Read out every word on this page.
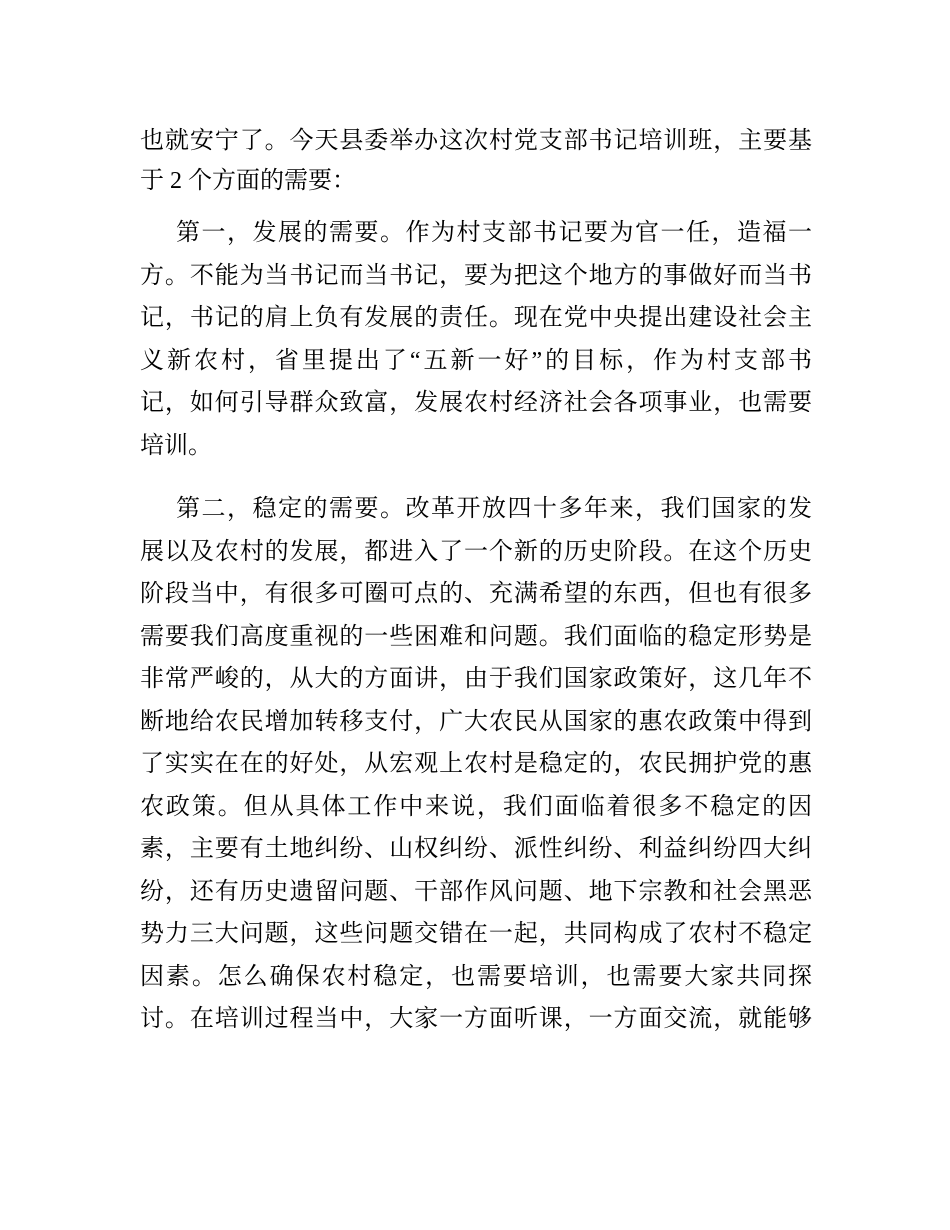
也就安宁了。今天县委举办这次村党支部书记培训班，主要基
于 2 个方面的需要：
第一，发展的需要。作为村支部书记要为官一任，造福一
方。不能为当书记而当书记，要为把这个地方的事做好而当书
记，书记的肩上负有发展的责任。现在党中央提出建设社会主
义新农村，省里提出了“五新一好”的目标，作为村支部书
记，如何引导群众致富，发展农村经济社会各项事业，也需要
培训。
第二，稳定的需要。改革开放四十多年来，我们国家的发
展以及农村的发展，都进入了一个新的历史阶段。在这个历史
阶段当中，有很多可圈可点的、充满希望的东西，但也有很多
需要我们高度重视的一些困难和问题。我们面临的稳定形势是
非常严峻的，从大的方面讲，由于我们国家政策好，这几年不
断地给农民增加转移支付，广大农民从国家的惠农政策中得到
了实实在在的好处，从宏观上农村是稳定的，农民拥护党的惠
农政策。但从具体工作中来说，我们面临着很多不稳定的因
素，主要有土地纠纷、山权纠纷、派性纠纷、利益纠纷四大纠
纷，还有历史遗留问题、干部作风问题、地下宗教和社会黑恶
势力三大问题，这些问题交错在一起，共同构成了农村不稳定
因素。怎么确保农村稳定，也需要培训，也需要大家共同探
讨。在培训过程当中，大家一方面听课，一方面交流，就能够
